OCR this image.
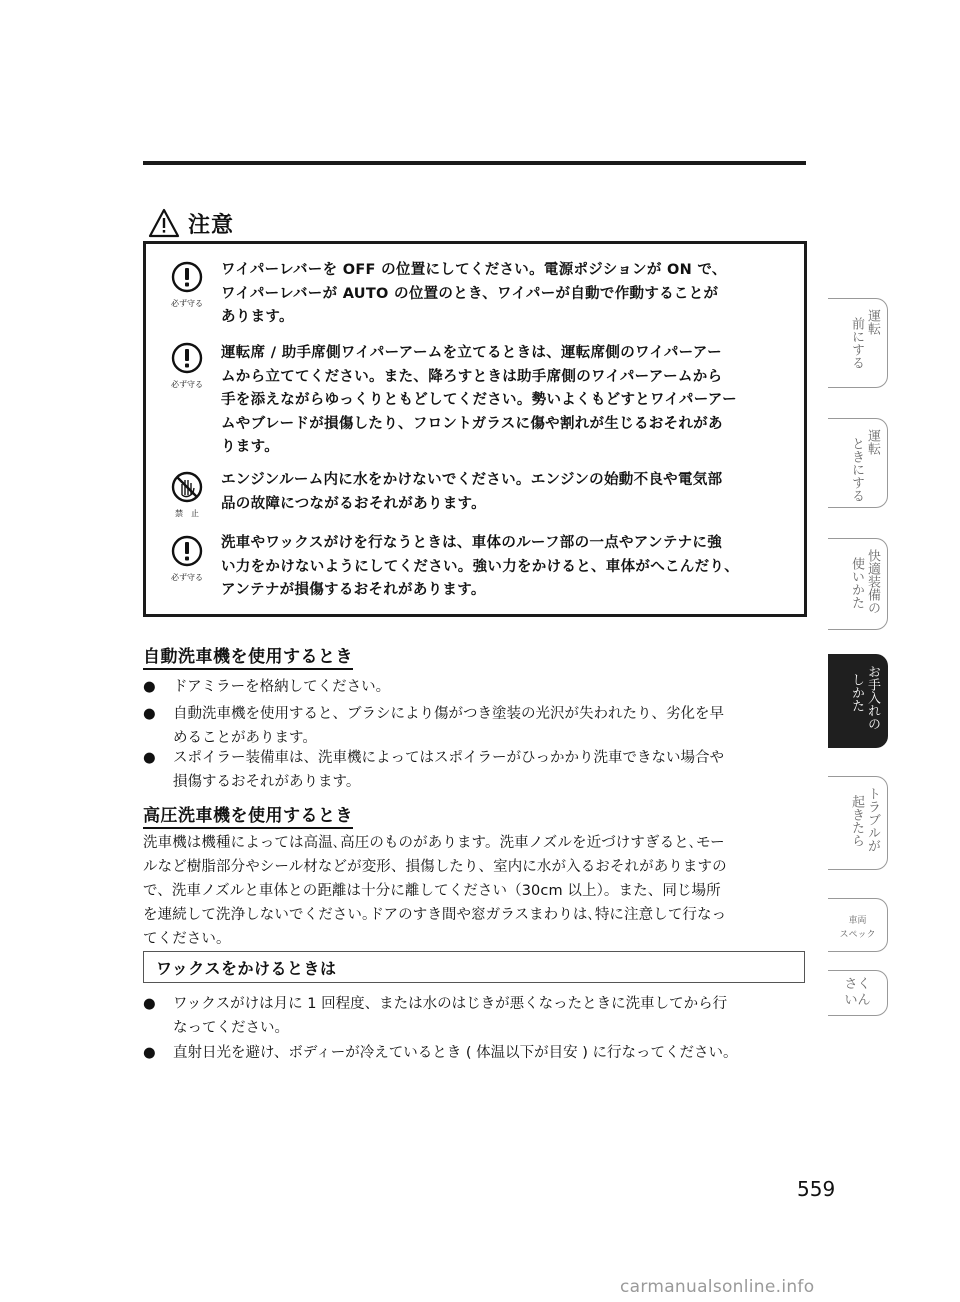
注意
必ず守る
ワイパーレバーを OFF の位置にしてください。電源ポジションが ON で、
ワイパーレバーが AUTO の位置のとき、ワイパーが自動で作動することが
あります。
必ず守る
運転席 / 助手席側ワイパーアームを立てるときは、運転席側のワイパーアー
ムから立ててください。また、降ろすときは助手席側のワイパーアームから
手を添えながらゆっくりともどしてください。勢いよくもどすとワイパーアー
ムやブレードが損傷したり、フロントガラスに傷や割れが生じるおそれがあ
ります。
禁　止
エンジンルーム内に水をかけないでください。エンジンの始動不良や電気部
品の故障につながるおそれがあります。
必ず守る
洗車やワックスがけを行なうときは、車体のルーフ部の一点やアンテナに強
い力をかけないようにしてください。強い力をかけると、車体がへこんだり、
アンテナが損傷するおそれがあります。
自動洗車機を使用するとき
● ドアミラーを格納してください。
● 自動洗車機を使用すると、ブラシにより傷がつき塗装の光沢が失われたり、劣化を早
めることがあります。
● スポイラー装備車は、洗車機によってはスポイラーがひっかかり洗車できない場合や
損傷するおそれがあります。
高圧洗車機を使用するとき
洗車機は機種によっては高温､高圧のものがあります。洗車ノズルを近づけすぎると､モー
ルなど樹脂部分やシール材などが変形、損傷したり、室内に水が入るおそれがありますの
で、洗車ノズルと車体との距離は十分に離してください（30cm 以上）。また、同じ場所
を連続して洗浄しないでください｡ドアのすき間や窓ガラスまわりは､特に注意して行なっ
てください。
ワックスをかけるときは
● ワックスがけは月に 1 回程度、または水のはじきが悪くなったときに洗車してから行
なってください。
● 直射日光を避け、ボディーが冷えているとき ( 体温以下が目安 ) に行なってください。
運転
前にする
運転
ときにする
快適装備の
使いかた
お手入れの
しかた
トラブルが
起きたら
車両
スペック
さく
いん
559
carmanualsonline.info
